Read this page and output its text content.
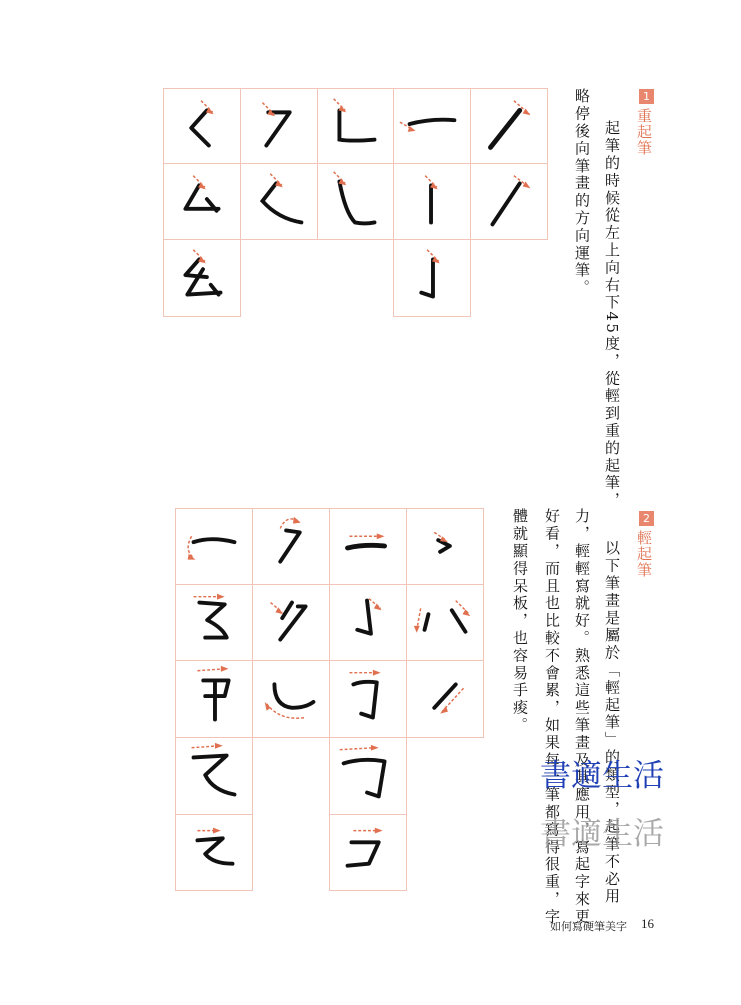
1
重起筆
起筆的時候從左上向右下45度，從輕到重的起筆，
略停後向筆畫的方向運筆。
2
輕起筆
以下筆畫是屬於「輕起筆」的類型，起筆不必用
力，輕輕寫就好。熟悉這些筆畫及其應用，寫起字來更
好看，而且也比較不會累，如果每一筆都寫得很重，字
體就顯得呆板，也容易手痠。
書適生活
書適生活
如何寫硬筆美字 16
